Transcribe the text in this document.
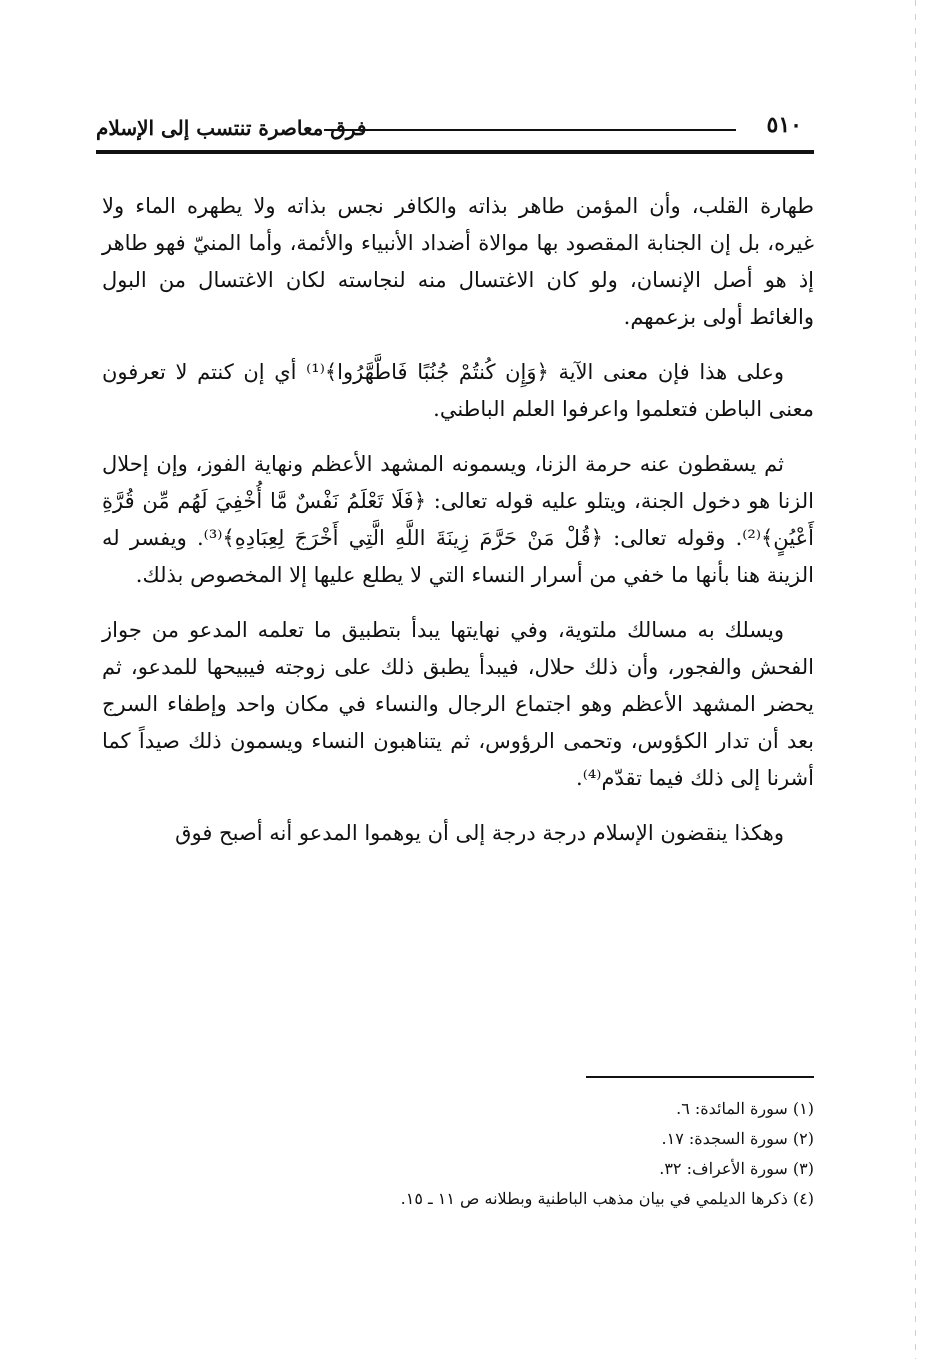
فرق معاصرة تنتسب إلى الإسلام	٥١٠

طهارة القلب، وأن المؤمن طاهر بذاته والكافر نجس بذاته ولا يطهره الماء ولا غيره، بل إن الجنابة المقصود بها موالاة أضداد الأنبياء والأئمة، وأما المنيّ فهو طاهر إذ هو أصل الإنسان، ولو كان الاغتسال منه لنجاسته لكان الاغتسال من البول والغائط أولى بزعمهم.

وعلى هذا فإن معنى الآية ﴿وَإِن كُنتُمْ جُنُبًا فَاطَّهَّرُوا﴾⁽¹⁾ أي إن كنتم لا تعرفون معنى الباطن فتعلموا واعرفوا العلم الباطني.

ثم يسقطون عنه حرمة الزنا، ويسمونه المشهد الأعظم ونهاية الفوز، وإن إحلال الزنا هو دخول الجنة، ويتلو عليه قوله تعالى: ﴿فَلَا تَعْلَمُ نَفْسٌ مَّا أُخْفِيَ لَهُم مِّن قُرَّةِ أَعْيُنٍ﴾⁽²⁾. وقوله تعالى: ﴿قُلْ مَنْ حَرَّمَ زِينَةَ اللَّهِ الَّتِي أَخْرَجَ لِعِبَادِهِ﴾⁽³⁾. ويفسر له الزينة هنا بأنها ما خفي من أسرار النساء التي لا يطلع عليها إلا المخصوص بذلك.

ويسلك به مسالك ملتوية، وفي نهايتها يبدأ بتطبيق ما تعلمه المدعو من جواز الفحش والفجور، وأن ذلك حلال، فيبدأ يطبق ذلك على زوجته فيبيحها للمدعو، ثم يحضر المشهد الأعظم وهو اجتماع الرجال والنساء في مكان واحد وإطفاء السرج بعد أن تدار الكؤوس، وتحمى الرؤوس، ثم يتناهبون النساء ويسمون ذلك صيداً كما أشرنا إلى ذلك فيما تقدّم⁽⁴⁾.

وهكذا ينقضون الإسلام درجة درجة إلى أن يوهموا المدعو أنه أصبح فوق

(١) سورة المائدة: ٦.
(٢) سورة السجدة: ١٧.
(٣) سورة الأعراف: ٣٢.
(٤) ذكرها الديلمي في بيان مذهب الباطنية وبطلانه ص ١١ ـ ١٥.
